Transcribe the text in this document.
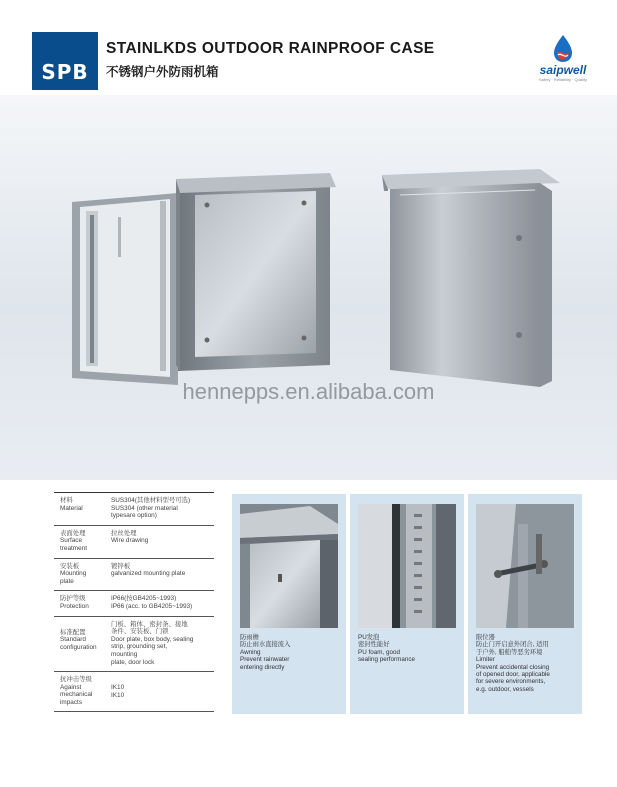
SPB
STAINLKDS OUTDOOR RAINPROOF CASE
不锈钢户外防雨机箱	saipwell
Safety · Reliability · Quality
hennepps.en.alibaba.com
材料
Material
SUS304(其他材料型号可选)
SUS304 (other material
typesare option)
表面处理
Surface
treatment
拉丝处理
Wire drawing
安装板
Mounting
plate
镀锌板
galvanized mounting plate
防护等级
Protection
IP66(按GB4205~1993)
IP66 (acc. to GB4205~1993)
标准配置
Standard
configuration
门板、箱体、密封条、接地
条件、安装板、门锁
Door plate, box body, sealing
strip, grounding set,
mounting
plate, door lock
抗冲击等级
Against
mechanical
impacts
IK10
IK10
防雨檐
防止雨水直接流入
Awning
Prevent rainwater
entering directly
PU发泡
密封性能好
PU foam, good
sealing performance
限位器
防止门开启意外闭合, 适用
于户外, 船舶等恶劣环境
Limiter
Prevent accidental closing
of opened door, applicable
for severe environments,
e.g. outdoor, vessels
